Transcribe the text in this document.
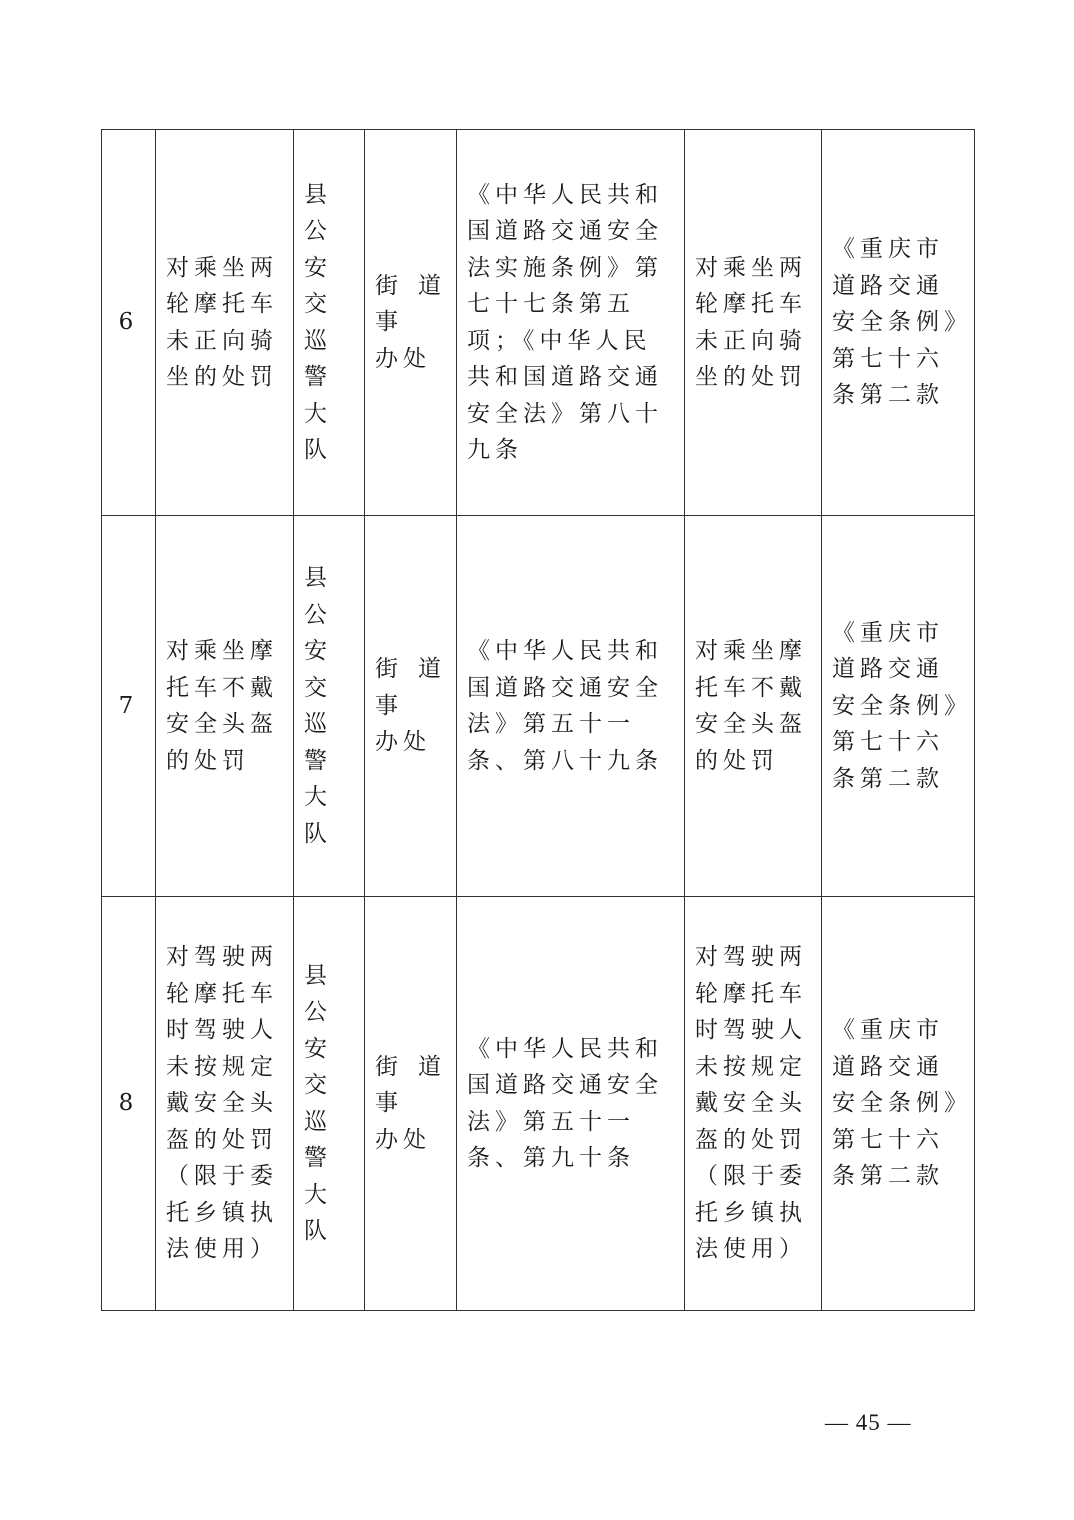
6	对乘坐两轮摩托车未正向骑坐的处罚	县公安交巡警大队	街道事
办处	《中华人民共和国道路交通安全法实施条例》第七十七条第五项；《中华人民共和国道路交通安全法》第八十九条	对乘坐两轮摩托车未正向骑坐的处罚	《重庆市道路交通安全条例》第七十六条第二款
7	对乘坐摩托车不戴安全头盔的处罚	县公安交巡警大队	街道事
办处	《中华人民共和国道路交通安全法》第五十一条、第八十九条	对乘坐摩托车不戴安全头盔的处罚	《重庆市道路交通安全条例》第七十六条第二款
8	对驾驶两轮摩托车时驾驶人未按规定戴安全头盔的处罚（限于委托乡镇执法使用）	县公安交巡警大队	街道事
办处	《中华人民共和国道路交通安全法》第五十一条、第九十条	对驾驶两轮摩托车时驾驶人未按规定戴安全头盔的处罚（限于委托乡镇执法使用）	《重庆市道路交通安全条例》第七十六条第二款
— 45 —
